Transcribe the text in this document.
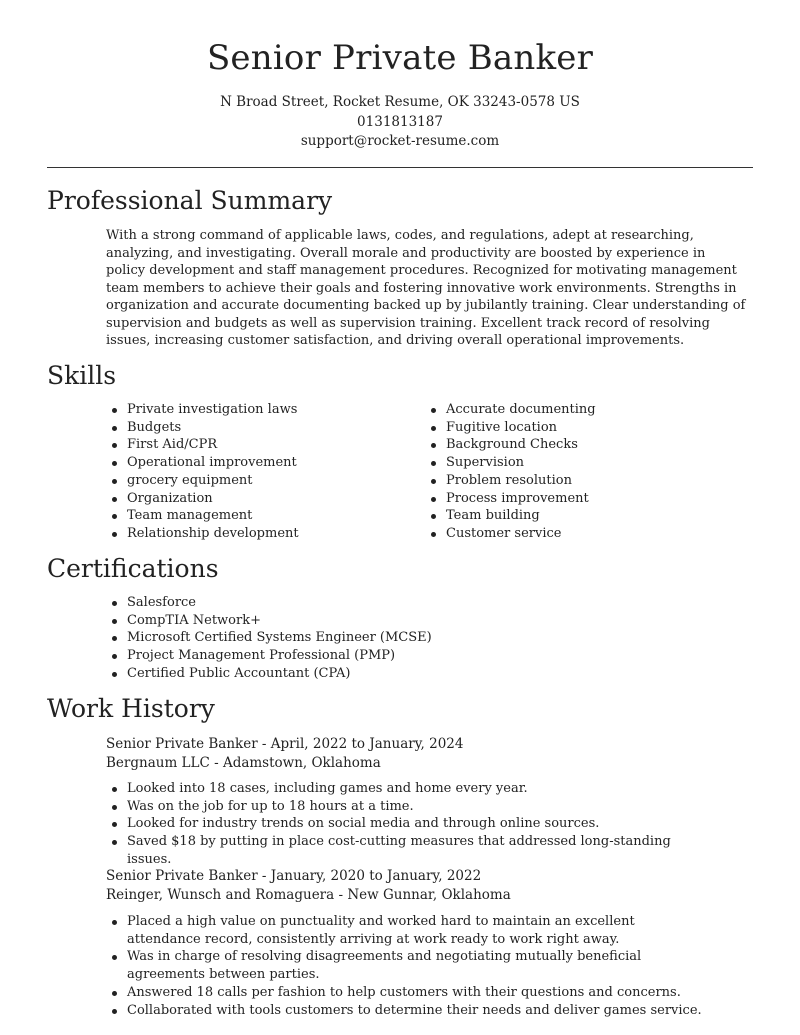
Senior Private Banker
N Broad Street, Rocket Resume, OK 33243-0578 US
0131813187
support@rocket-resume.com
Professional Summary

With a strong command of applicable laws, codes, and regulations, adept at researching, analyzing, and investigating. Overall morale and productivity are boosted by experience in policy development and staff management procedures. Recognized for motivating management team members to achieve their goals and fostering innovative work environments. Strengths in organization and accurate documenting backed up by jubilantly training. Clear understanding of supervision and budgets as well as supervision training. Excellent track record of resolving issues, increasing customer satisfaction, and driving overall operational improvements.

Skills
Private investigation laws
Budgets
First Aid/CPR
Operational improvement
grocery equipment
Organization
Team management
Relationship development
Accurate documenting
Fugitive location
Background Checks
Supervision
Problem resolution
Process improvement
Team building
Customer service
Certifications
Salesforce
CompTIA Network+
Microsoft Certified Systems Engineer (MCSE)
Project Management Professional (PMP)
Certified Public Accountant (CPA)
Work History
Senior Private Banker - April, 2022 to January, 2024
Bergnaum LLC - Adamstown, Oklahoma
Looked into 18 cases, including games and home every year.
Was on the job for up to 18 hours at a time.
Looked for industry trends on social media and through online sources.
Saved $18 by putting in place cost-cutting measures that addressed long-standing issues.
Senior Private Banker - January, 2020 to January, 2022
Reinger, Wunsch and Romaguera - New Gunnar, Oklahoma
Placed a high value on punctuality and worked hard to maintain an excellent attendance record, consistently arriving at work ready to work right away.
Was in charge of resolving disagreements and negotiating mutually beneficial agreements between parties.
Answered 18 calls per fashion to help customers with their questions and concerns.
Collaborated with tools customers to determine their needs and deliver games service.
